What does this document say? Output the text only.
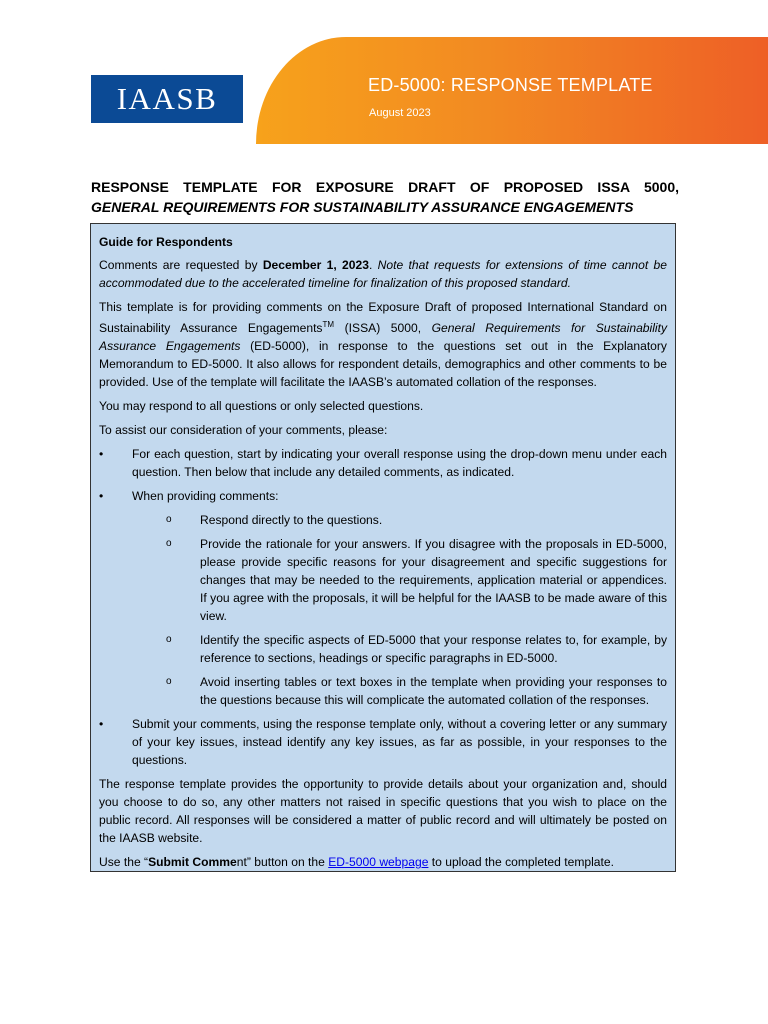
ED-5000: RESPONSE TEMPLATE
August 2023
IAASB
RESPONSE TEMPLATE FOR EXPOSURE DRAFT OF PROPOSED ISSA 5000,
GENERAL REQUIREMENTS FOR SUSTAINABILITY ASSURANCE ENGAGEMENTS

Guide for Respondents

Comments are requested by December 1, 2023. Note that requests for extensions of time cannot be accommodated due to the accelerated timeline for finalization of this proposed standard.

This template is for providing comments on the Exposure Draft of proposed International Standard on Sustainability Assurance Engagements™ (ISSA) 5000, General Requirements for Sustainability Assurance Engagements (ED-5000), in response to the questions set out in the Explanatory Memorandum to ED-5000. It also allows for respondent details, demographics and other comments to be provided. Use of the template will facilitate the IAASB’s automated collation of the responses.

You may respond to all questions or only selected questions.

To assist our consideration of your comments, please:

• For each question, start by indicating your overall response using the drop-down menu under each question. Then below that include any detailed comments, as indicated.
• When providing comments:
o Respond directly to the questions.
o Provide the rationale for your answers. If you disagree with the proposals in ED-5000, please provide specific reasons for your disagreement and specific suggestions for changes that may be needed to the requirements, application material or appendices. If you agree with the proposals, it will be helpful for the IAASB to be made aware of this view.
o Identify the specific aspects of ED-5000 that your response relates to, for example, by reference to sections, headings or specific paragraphs in ED-5000.
o Avoid inserting tables or text boxes in the template when providing your responses to the questions because this will complicate the automated collation of the responses.
• Submit your comments, using the response template only, without a covering letter or any summary of your key issues, instead identify any key issues, as far as possible, in your responses to the questions.

The response template provides the opportunity to provide details about your organization and, should you choose to do so, any other matters not raised in specific questions that you wish to place on the public record. All responses will be considered a matter of public record and will ultimately be posted on the IAASB website.

Use the “Submit Comment” button on the ED-5000 webpage to upload the completed template.
